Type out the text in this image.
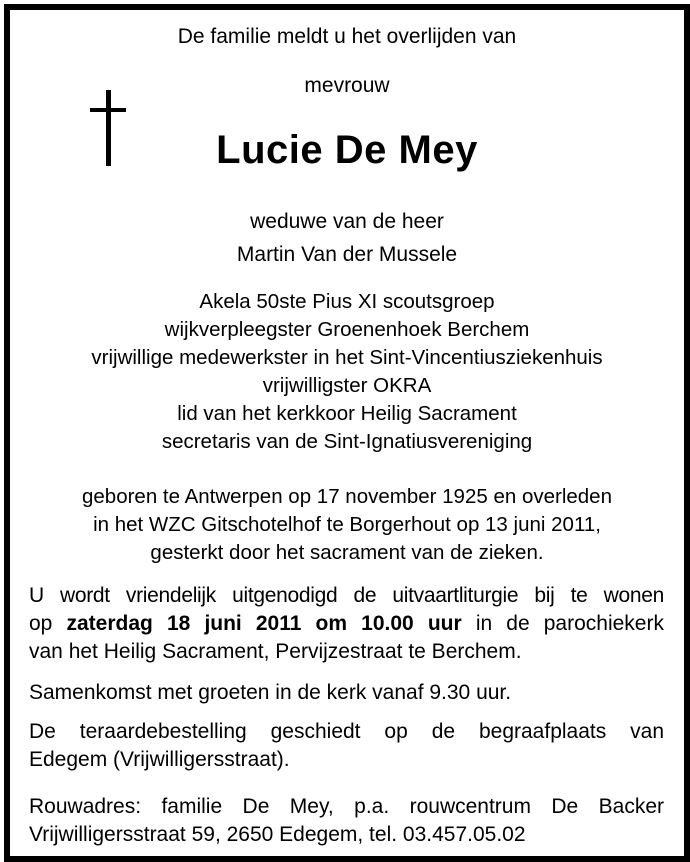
De familie meldt u het overlijden van
mevrouw
Lucie De Mey
weduwe van de heer
Martin Van der Mussele
Akela 50ste Pius XI scoutsgroep
wijkverpleegster Groenenhoek Berchem
vrijwillige medewerkster in het Sint-Vincentiusziekenhuis
vrijwilligster OKRA
lid van het kerkkoor Heilig Sacrament
secretaris van de Sint-Ignatiusvereniging
geboren te Antwerpen op 17 november 1925 en overleden
in het WZC Gitschotelhof te Borgerhout op 13 juni 2011,
gesterkt door het sacrament van de zieken.
U wordt vriendelijk uitgenodigd de uitvaartliturgie bij te wonen
op zaterdag 18 juni 2011 om 10.00 uur in de parochiekerk
van het Heilig Sacrament, Pervijzestraat te Berchem.
Samenkomst met groeten in de kerk vanaf 9.30 uur.
De teraardebestelling geschiedt op de begraafplaats van
Edegem (Vrijwilligersstraat).
Rouwadres: familie De Mey, p.a. rouwcentrum De Backer
Vrijwilligersstraat 59, 2650 Edegem, tel. 03.457.05.02
